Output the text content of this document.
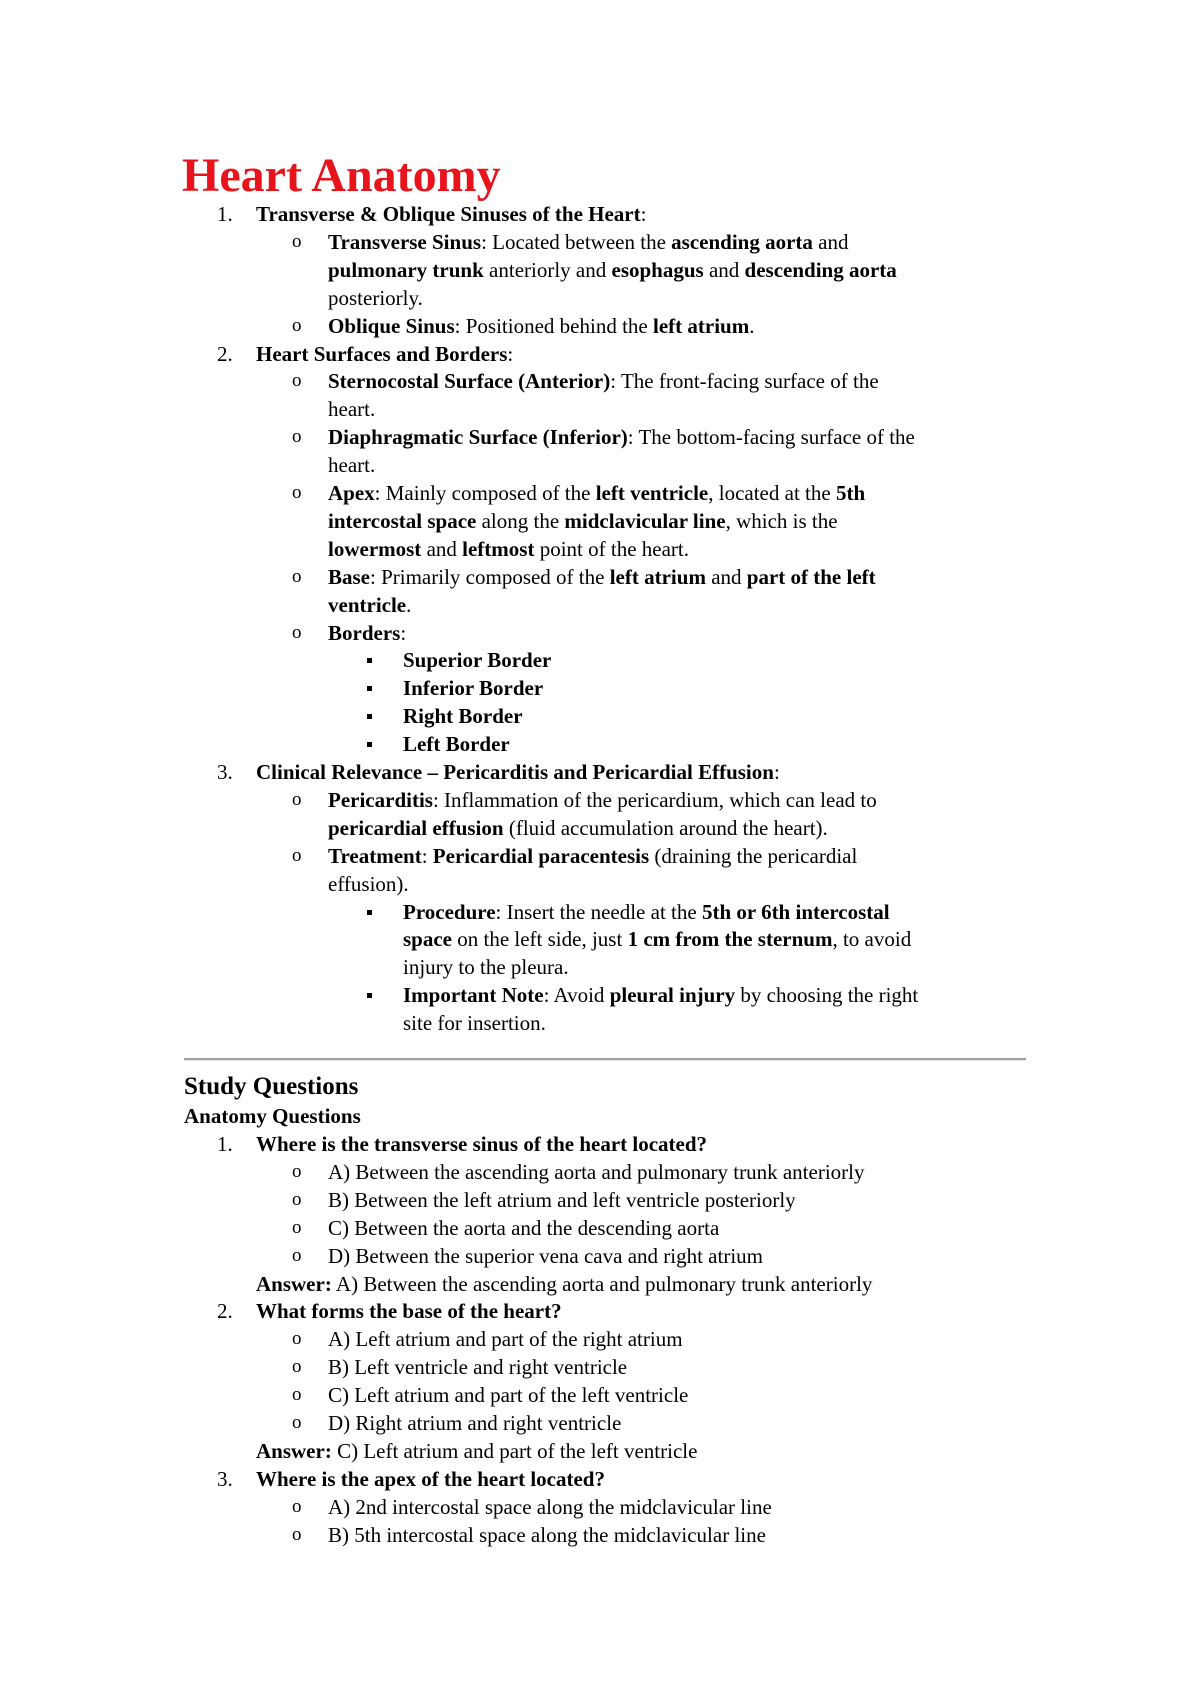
Heart Anatomy
1. Transverse & Oblique Sinuses of the Heart:
o Transverse Sinus: Located between the ascending aorta and
pulmonary trunk anteriorly and esophagus and descending aorta
posteriorly.
o Oblique Sinus: Positioned behind the left atrium.
2. Heart Surfaces and Borders:
o Sternocostal Surface (Anterior): The front-facing surface of the
heart.
o Diaphragmatic Surface (Inferior): The bottom-facing surface of the
heart.
o Apex: Mainly composed of the left ventricle, located at the 5th
intercostal space along the midclavicular line, which is the
lowermost and leftmost point of the heart.
o Base: Primarily composed of the left atrium and part of the left
ventricle.
o Borders:
Superior Border
Inferior Border
Right Border
Left Border
3. Clinical Relevance – Pericarditis and Pericardial Effusion:
o Pericarditis: Inflammation of the pericardium, which can lead to
pericardial effusion (fluid accumulation around the heart).
o Treatment: Pericardial paracentesis (draining the pericardial
effusion).
Procedure: Insert the needle at the 5th or 6th intercostal
space on the left side, just 1 cm from the sternum, to avoid
injury to the pleura.
Important Note: Avoid pleural injury by choosing the right
site for insertion.
Study Questions
Anatomy Questions
1. Where is the transverse sinus of the heart located?
o A) Between the ascending aorta and pulmonary trunk anteriorly
o B) Between the left atrium and left ventricle posteriorly
o C) Between the aorta and the descending aorta
o D) Between the superior vena cava and right atrium
Answer: A) Between the ascending aorta and pulmonary trunk anteriorly
2. What forms the base of the heart?
o A) Left atrium and part of the right atrium
o B) Left ventricle and right ventricle
o C) Left atrium and part of the left ventricle
o D) Right atrium and right ventricle
Answer: C) Left atrium and part of the left ventricle
3. Where is the apex of the heart located?
o A) 2nd intercostal space along the midclavicular line
o B) 5th intercostal space along the midclavicular line
